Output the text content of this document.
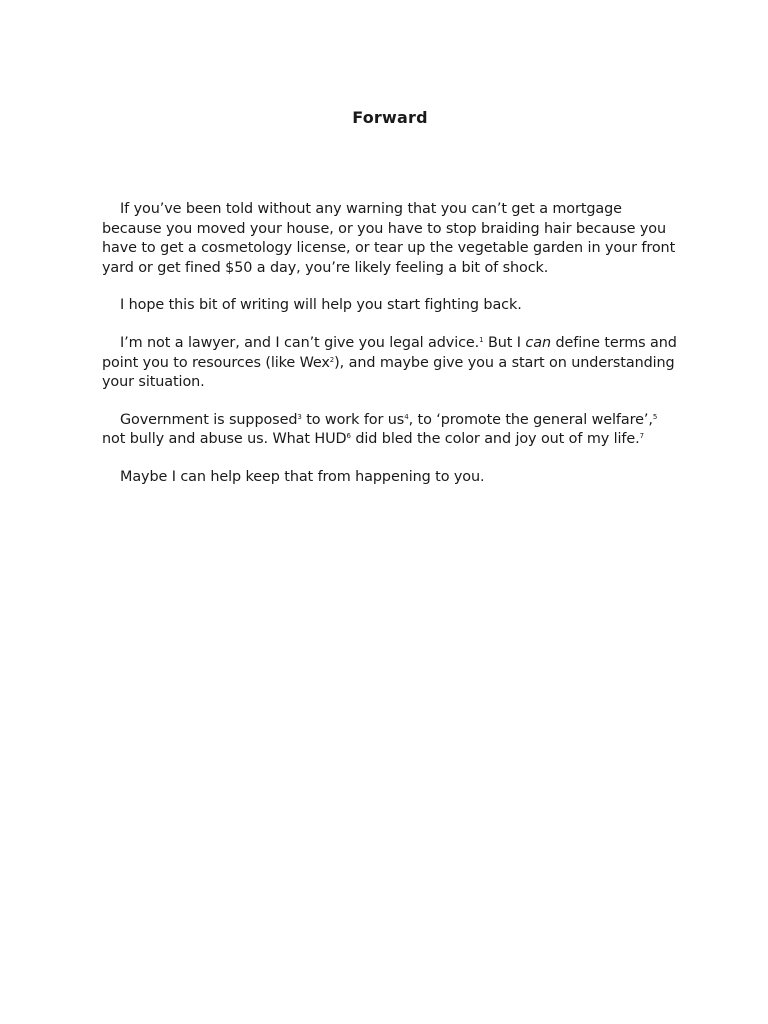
Forward

If you’ve been told without any warning that you can’t get a mortgage because you moved your house, or you have to stop braiding hair because you have to get a cosmetology license, or tear up the vegetable garden in your front yard or get fined $50 a day, you’re likely feeling a bit of shock.

I hope this bit of writing will help you start fighting back.

I’m not a lawyer, and I can’t give you legal advice.$^1$ But I can define terms and point you to resources (like Wex$^2$), and maybe give you a start on understanding your situation.

Government is supposed$^3$ to work for $us^4$, to ‘promote the general welfare’,$^5$ not bully and abuse us. What HUD$^6$ did bled the color and joy out of my life.$^7$

Maybe I can help keep that from happening to you.
